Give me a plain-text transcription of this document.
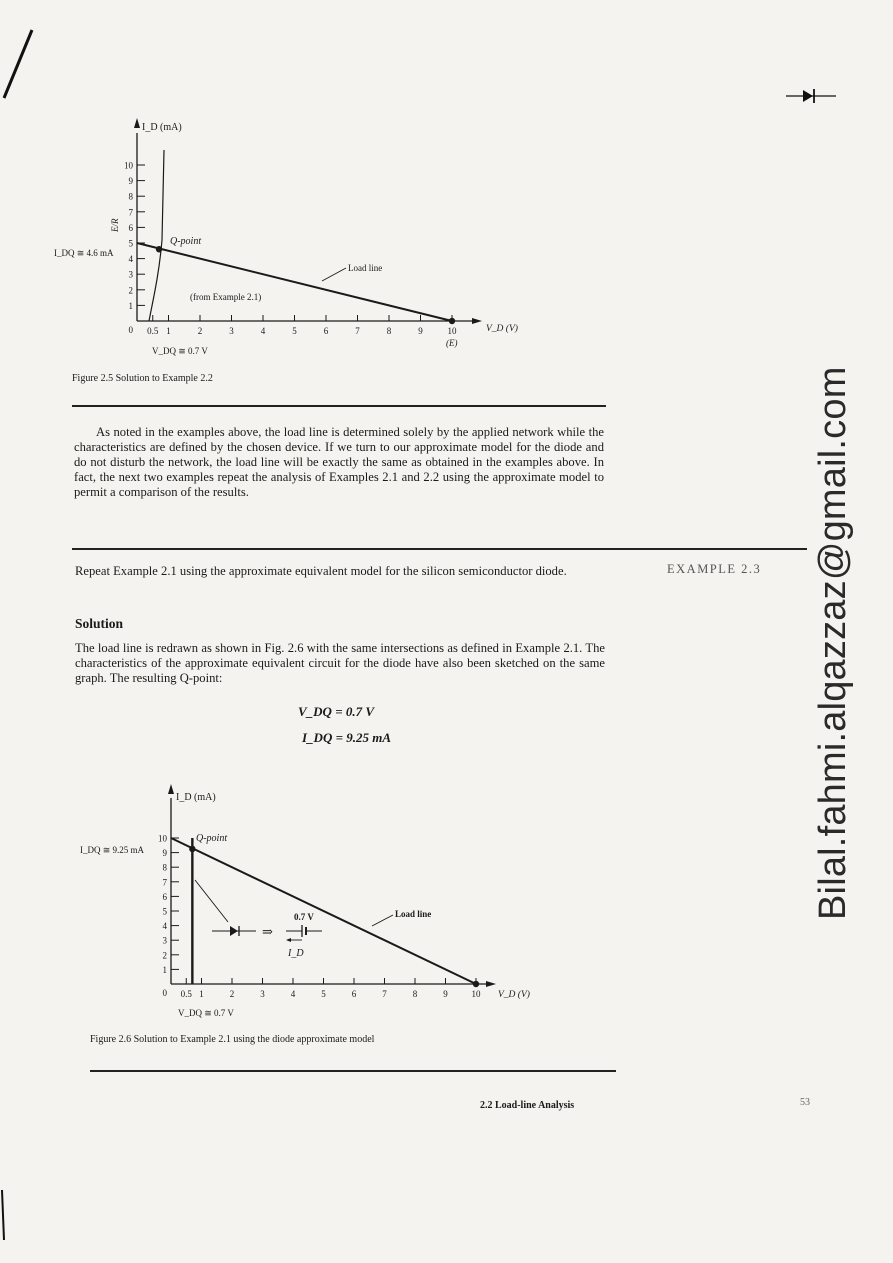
10
9
8
7
6
5
4
3
2
1
0 0.5 1	2	3	4	5	6	7	8	9	10
I_D (mA)
I_DQ ≅ 4.6 mA
E/R
Q-point
Load line
(from Example 2.1)
V_D (V)
(E)
V_DQ ≅ 0.7 V
Figure 2.5 Solution to Example 2.2
As noted in the examples above, the load line is determined solely by the applied network while the characteristics are defined by the chosen device. If we turn to our approximate model for the diode and do not disturb the network, the load line will be exactly the same as obtained in the examples above. In fact, the next two examples repeat the analysis of Examples 2.1 and 2.2 using the approximate model to permit a comparison of the results.
EXAMPLE 2.3
Repeat Example 2.1 using the approximate equivalent model for the silicon semiconductor diode.
Solution
The load line is redrawn as shown in Fig. 2.6 with the same intersections as defined in Example 2.1. The characteristics of the approximate equivalent circuit for the diode have also been sketched on the same graph. The resulting Q-point:
V_DQ = 0.7 V
I_DQ = 9.25 mA
10
9
8
7
6
5
4
3
2
1
0 0.5 1	2	3	4	5	6	7	8	9	10
⇒
0.7 V
I_D
I_D (mA)
I_DQ ≅ 9.25 mA
Q-point
Load line
V_D (V)
V_DQ ≅ 0.7 V
Figure 2.6 Solution to Example 2.1 using the diode approximate model
2.2 Load-line Analysis	53
Bilal.fahmi.alqazzaz@gmail.com
